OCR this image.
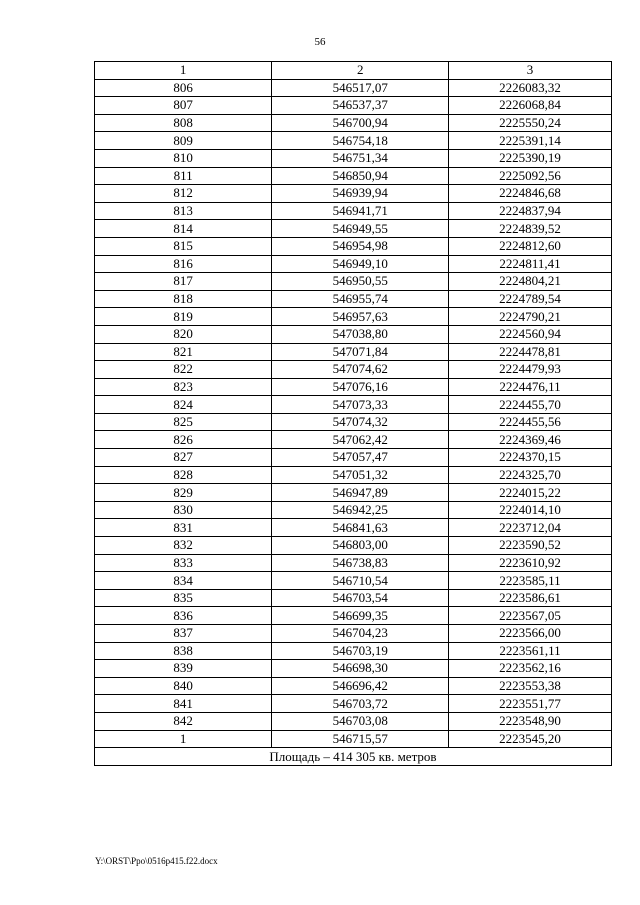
56
1	2	3
806	546517,07	2226083,32
807	546537,37	2226068,84
808	546700,94	2225550,24
809	546754,18	2225391,14
810	546751,34	2225390,19
811	546850,94	2225092,56
812	546939,94	2224846,68
813	546941,71	2224837,94
814	546949,55	2224839,52
815	546954,98	2224812,60
816	546949,10	2224811,41
817	546950,55	2224804,21
818	546955,74	2224789,54
819	546957,63	2224790,21
820	547038,80	2224560,94
821	547071,84	2224478,81
822	547074,62	2224479,93
823	547076,16	2224476,11
824	547073,33	2224455,70
825	547074,32	2224455,56
826	547062,42	2224369,46
827	547057,47	2224370,15
828	547051,32	2224325,70
829	546947,89	2224015,22
830	546942,25	2224014,10
831	546841,63	2223712,04
832	546803,00	2223590,52
833	546738,83	2223610,92
834	546710,54	2223585,11
835	546703,54	2223586,61
836	546699,35	2223567,05
837	546704,23	2223566,00
838	546703,19	2223561,11
839	546698,30	2223562,16
840	546696,42	2223553,38
841	546703,72	2223551,77
842	546703,08	2223548,90
1	546715,57	2223545,20
Площадь – 414 305 кв. метров		
Y:\ORST\Ppo\0516p415.f22.docx
